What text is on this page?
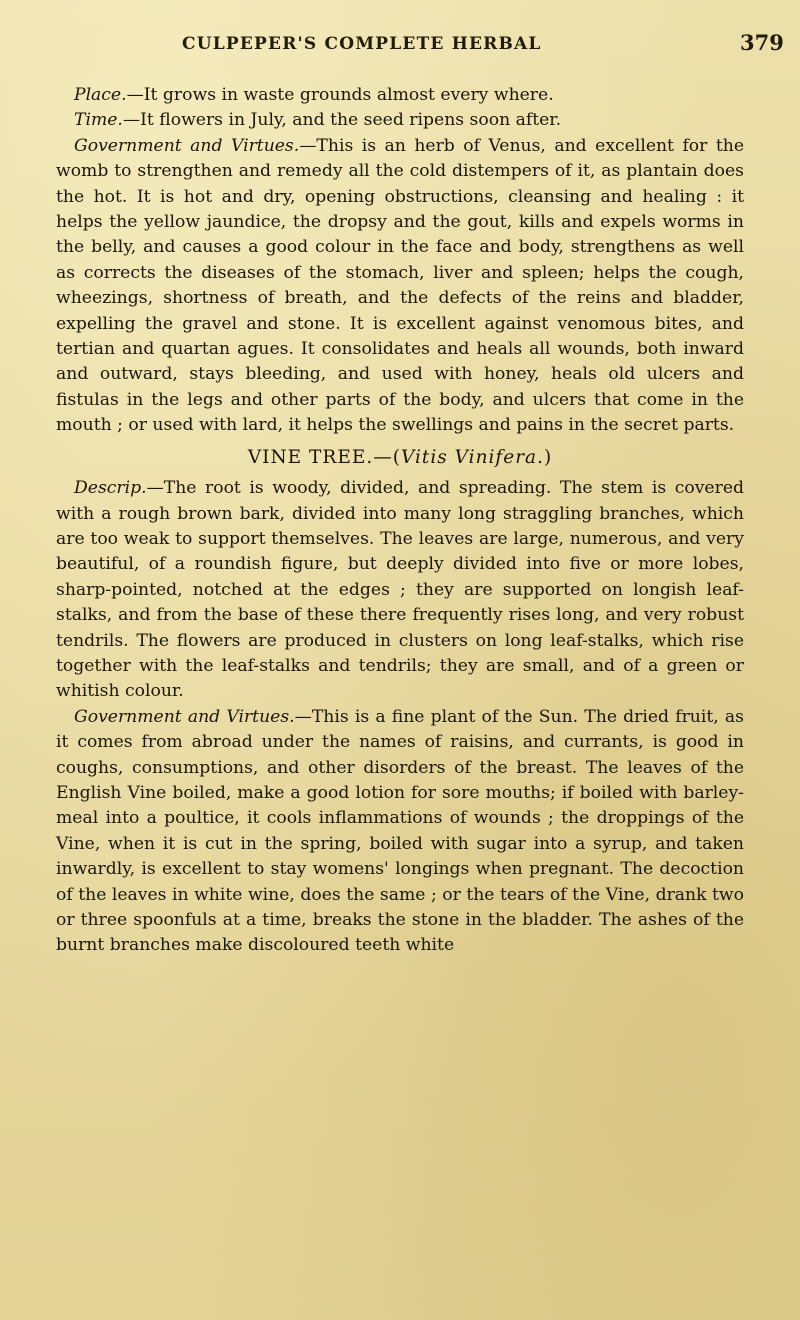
CULPEPER'S COMPLETE HERBAL	379

Place.—It grows in waste grounds almost every where.

Time.—It flowers in July, and the seed ripens soon after.

Government and Virtues.—This is an herb of Venus, and excellent for the womb to strengthen and remedy all the cold distempers of it, as plantain does the hot. It is hot and dry, opening obstructions, cleansing and healing : it helps the yellow jaundice, the dropsy and the gout, kills and expels worms in the belly, and causes a good colour in the face and body, strengthens as well as corrects the diseases of the stomach, liver and spleen; helps the cough, wheezings, shortness of breath, and the defects of the reins and bladder, expelling the gravel and stone. It is excellent against venomous bites, and tertian and quartan agues. It consolidates and heals all wounds, both inward and outward, stays bleeding, and used with honey, heals old ulcers and fistulas in the legs and other parts of the body, and ulcers that come in the mouth ; or used with lard, it helps the swellings and pains in the secret parts.

VINE TREE.—(Vitis Vinifera.)

Descrip.—The root is woody, divided, and spreading. The stem is covered with a rough brown bark, divided into many long straggling branches, which are too weak to support themselves. The leaves are large, numerous, and very beautiful, of a roundish figure, but deeply divided into five or more lobes, sharp-pointed, notched at the edges ; they are supported on longish leaf-stalks, and from the base of these there frequently rises long, and very robust tendrils. The flowers are produced in clusters on long leaf-stalks, which rise together with the leaf-stalks and tendrils; they are small, and of a green or whitish colour.

Government and Virtues.—This is a fine plant of the Sun. The dried fruit, as it comes from abroad under the names of raisins, and currants, is good in coughs, consumptions, and other disorders of the breast. The leaves of the English Vine boiled, make a good lotion for sore mouths; if boiled with barley-meal into a poultice, it cools inflammations of wounds ; the droppings of the Vine, when it is cut in the spring, boiled with sugar into a syrup, and taken inwardly, is excellent to stay womens' longings when pregnant. The decoction of the leaves in white wine, does the same ; or the tears of the Vine, drank two or three spoonfuls at a time, breaks the stone in the bladder. The ashes of the burnt branches make discoloured teeth white
